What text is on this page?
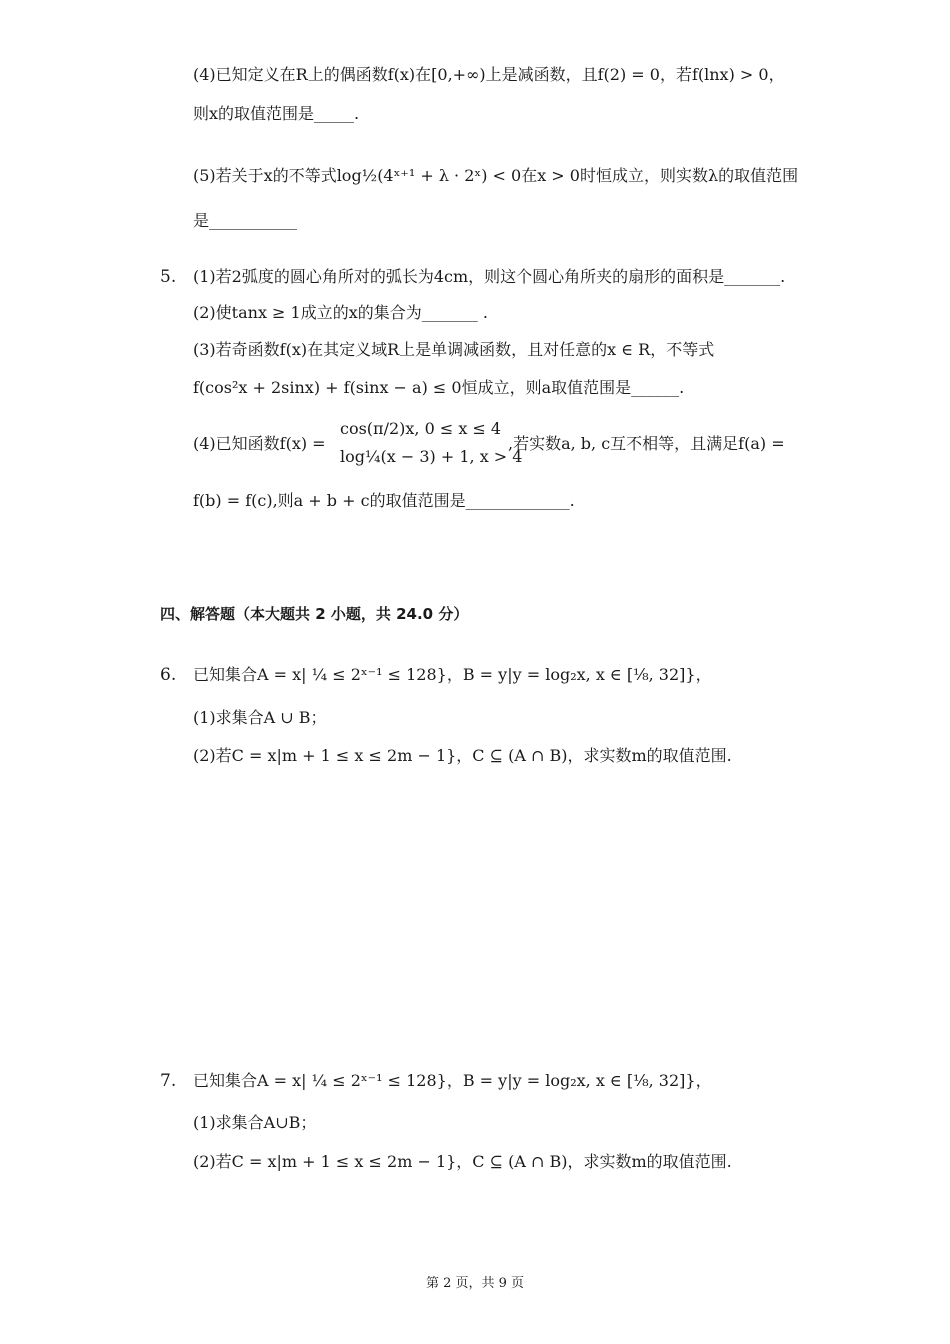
(4)已知定义在R上的偶函数f(x)在[0,+∞)上是减函数，且f(2) = 0，若f(lnx) > 0，
则x的取值范围是_____.
(5)若关于x的不等式log½(4ˣ⁺¹ + λ · 2ˣ) < 0在x > 0时恒成立，则实数λ的取值范围
是___________
5. (1)若2弧度的圆心角所对的弧长为4cm，则这个圆心角所夹的扇形的面积是_______.
(2)使tanx ≥ 1成立的x的集合为_______ .
(3)若奇函数f(x)在其定义域R上是单调减函数，且对任意的x ∈ R，不等式
f(cos²x + 2sinx) + f(sinx − a) ≤ 0恒成立，则a取值范围是______.
(4)已知函数f(x) =
cos(π/2)x, 0 ≤ x ≤ 4
log¼(x − 3) + 1, x > 4
,若实数a, b, c互不相等，且满足f(a) =
f(b) = f(c),则a + b + c的取值范围是_____________.
四、解答题（本大题共 2 小题，共 24.0 分）
6. 已知集合A = x| ¼ ≤ 2ˣ⁻¹ ≤ 128}，B = y|y = log₂x, x ∈ [⅛, 32]}，
(1)求集合A ∪ B；
(2)若C = x|m + 1 ≤ x ≤ 2m − 1}，C ⊆ (A ∩ B)，求实数m的取值范围.
7. 已知集合A = x| ¼ ≤ 2ˣ⁻¹ ≤ 128}，B = y|y = log₂x, x ∈ [⅛, 32]}，
(1)求集合A∪B；
(2)若C = x|m + 1 ≤ x ≤ 2m − 1}，C ⊆ (A ∩ B)，求实数m的取值范围.
第 2 页，共 9 页
